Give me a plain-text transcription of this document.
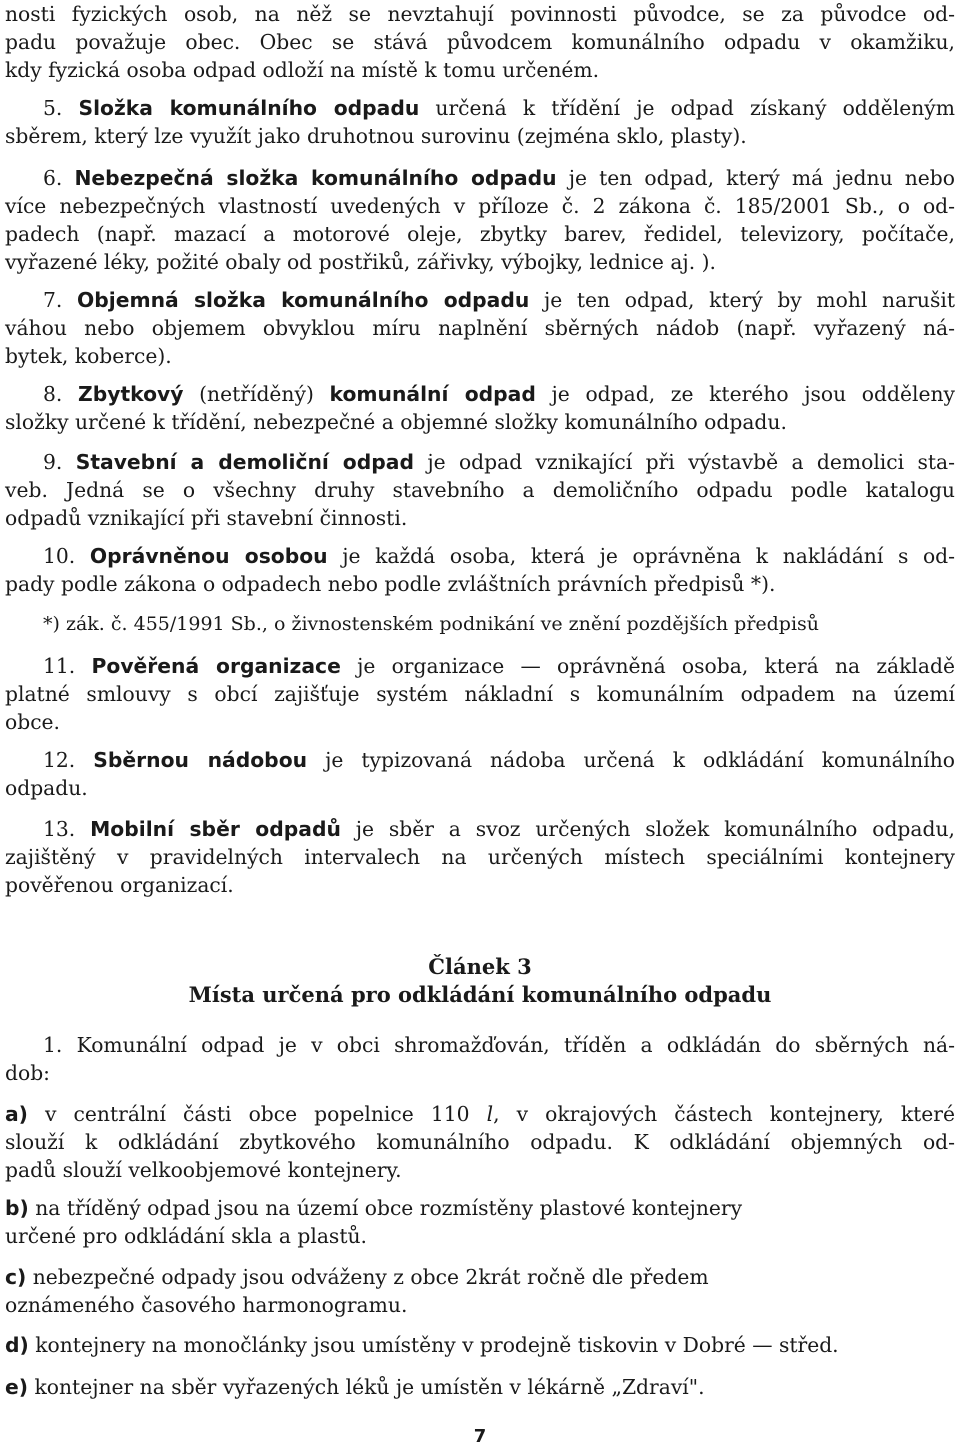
nosti fyzických osob, na něž se nevztahují povinnosti původce, se za původce od-
padu považuje obec. Obec se stává původcem komunálního odpadu v okamžiku,
kdy fyzická osoba odpad odloží na místě k tomu určeném.

5. Složka komunálního odpadu určená k třídění je odpad získaný odděleným
sběrem, který lze využít jako druhotnou surovinu (zejména sklo, plasty).

6. Nebezpečná složka komunálního odpadu je ten odpad, který má jednu nebo
více nebezpečných vlastností uvedených v příloze č. 2 zákona č. 185/2001 Sb., o od-
padech (např. mazací a motorové oleje, zbytky barev, ředidel, televizory, počítače,
vyřazené léky, požité obaly od postřiků, zářivky, výbojky, lednice aj. ).

7. Objemná složka komunálního odpadu je ten odpad, který by mohl narušit
váhou nebo objemem obvyklou míru naplnění sběrných nádob (např. vyřazený ná-
bytek, koberce).

8. Zbytkový (netříděný) komunální odpad je odpad, ze kterého jsou odděleny
složky určené k třídění, nebezpečné a objemné složky komunálního odpadu.

9. Stavební a demoliční odpad je odpad vznikající při výstavbě a demolici sta-
veb. Jedná se o všechny druhy stavebního a demoličního odpadu podle katalogu
odpadů vznikající při stavební činnosti.

10. Oprávněnou osobou je každá osoba, která je oprávněna k nakládání s od-
pady podle zákona o odpadech nebo podle zvláštních právních předpisů *).

*) zák. č. 455/1991 Sb., o živnostenském podnikání ve znění pozdějších předpisů

11. Pověřená organizace je organizace — oprávněná osoba, která na základě
platné smlouvy s obcí zajišťuje systém nákladní s komunálním odpadem na území
obce.

12. Sběrnou nádobou je typizovaná nádoba určená k odkládání komunálního
odpadu.

13. Mobilní sběr odpadů je sběr a svoz určených složek komunálního odpadu,
zajištěný v pravidelných intervalech na určených místech speciálními kontejnery
pověřenou organizací.

Článek 3

Místa určená pro odkládání komunálního odpadu

1. Komunální odpad je v obci shromažďován, tříděn a odkládán do sběrných ná-
dob:

a) v centrální části obce popelnice 110 l, v okrajových částech kontejnery, které
slouží k odkládání zbytkového komunálního odpadu. K odkládání objemných od-
padů slouží velkoobjemové kontejnery.

b) na tříděný odpad jsou na území obce rozmístěny plastové kontejnery
určené pro odkládání skla a plastů.

c) nebezpečné odpady jsou odváženy z obce 2krát ročně dle předem
oznámeného časového harmonogramu.

d) kontejnery na monočlánky jsou umístěny v prodejně tiskovin v Dobré — střed.

e) kontejner na sběr vyřazených léků je umístěn v lékárně „Zdraví".

7
